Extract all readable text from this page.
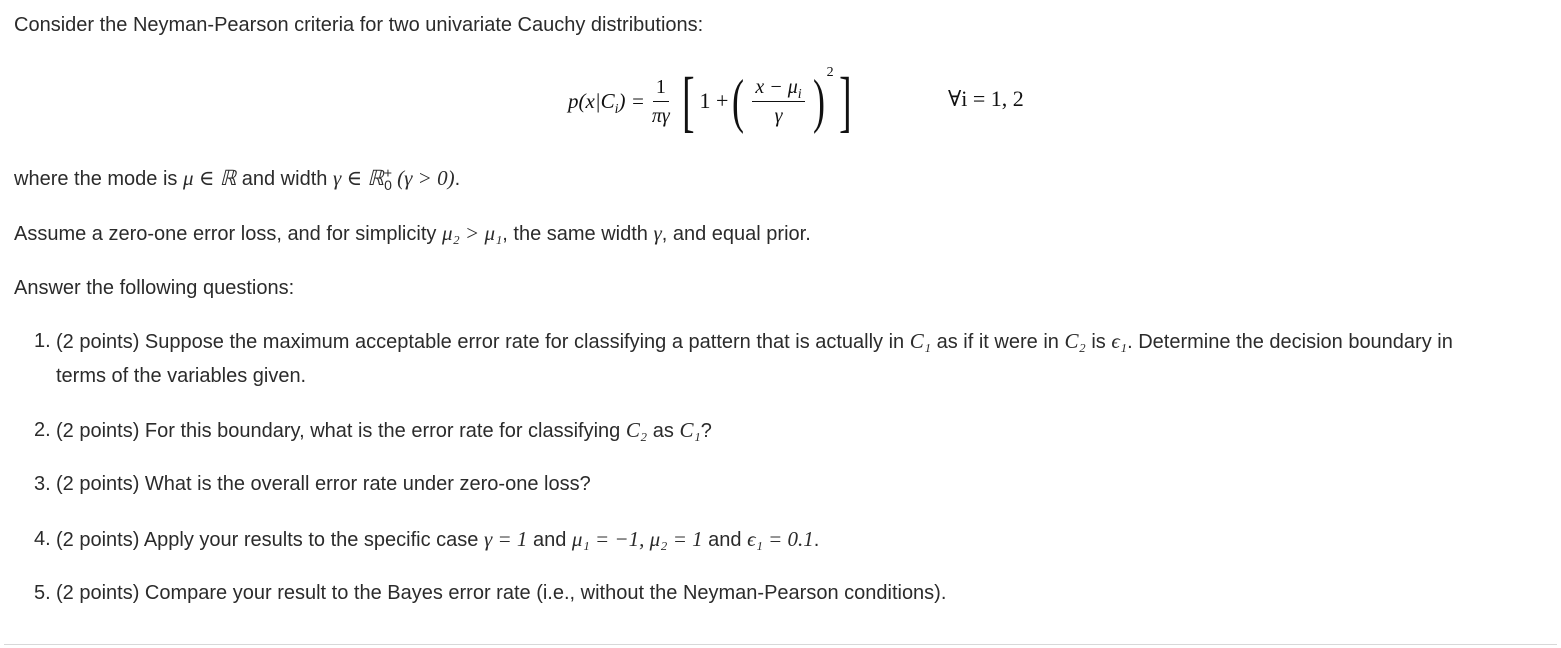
Consider the Neyman-Pearson criteria for two univariate Cauchy distributions:
$p(x|C_i) = \frac{1}{\pi\gamma}$ [ 1 + ( $\frac{x - \mu_i}{\gamma}$ ) 2 ]	∀i = 1, 2
where the mode is μ ∈ ℝ and width γ ∈ ℝ+$_0$ (γ > 0).
Assume a zero-one error loss, and for simplicity μ₂ > μ₁, the same width γ, and equal prior.
Answer the following questions:
1. (2 points) Suppose the maximum acceptable error rate for classifying a pattern that is actually in C₁ as if it were in C₂ is ϵ₁. Determine the decision boundary in
terms of the variables given.
2. (2 points) For this boundary, what is the error rate for classifying C₂ as C₁?
3. (2 points) What is the overall error rate under zero-one loss?
4. (2 points) Apply your results to the specific case γ = 1 and μ₁ = −1, μ₂ = 1 and ϵ₁ = 0.1.
5. (2 points) Compare your result to the Bayes error rate (i.e., without the Neyman-Pearson conditions).
